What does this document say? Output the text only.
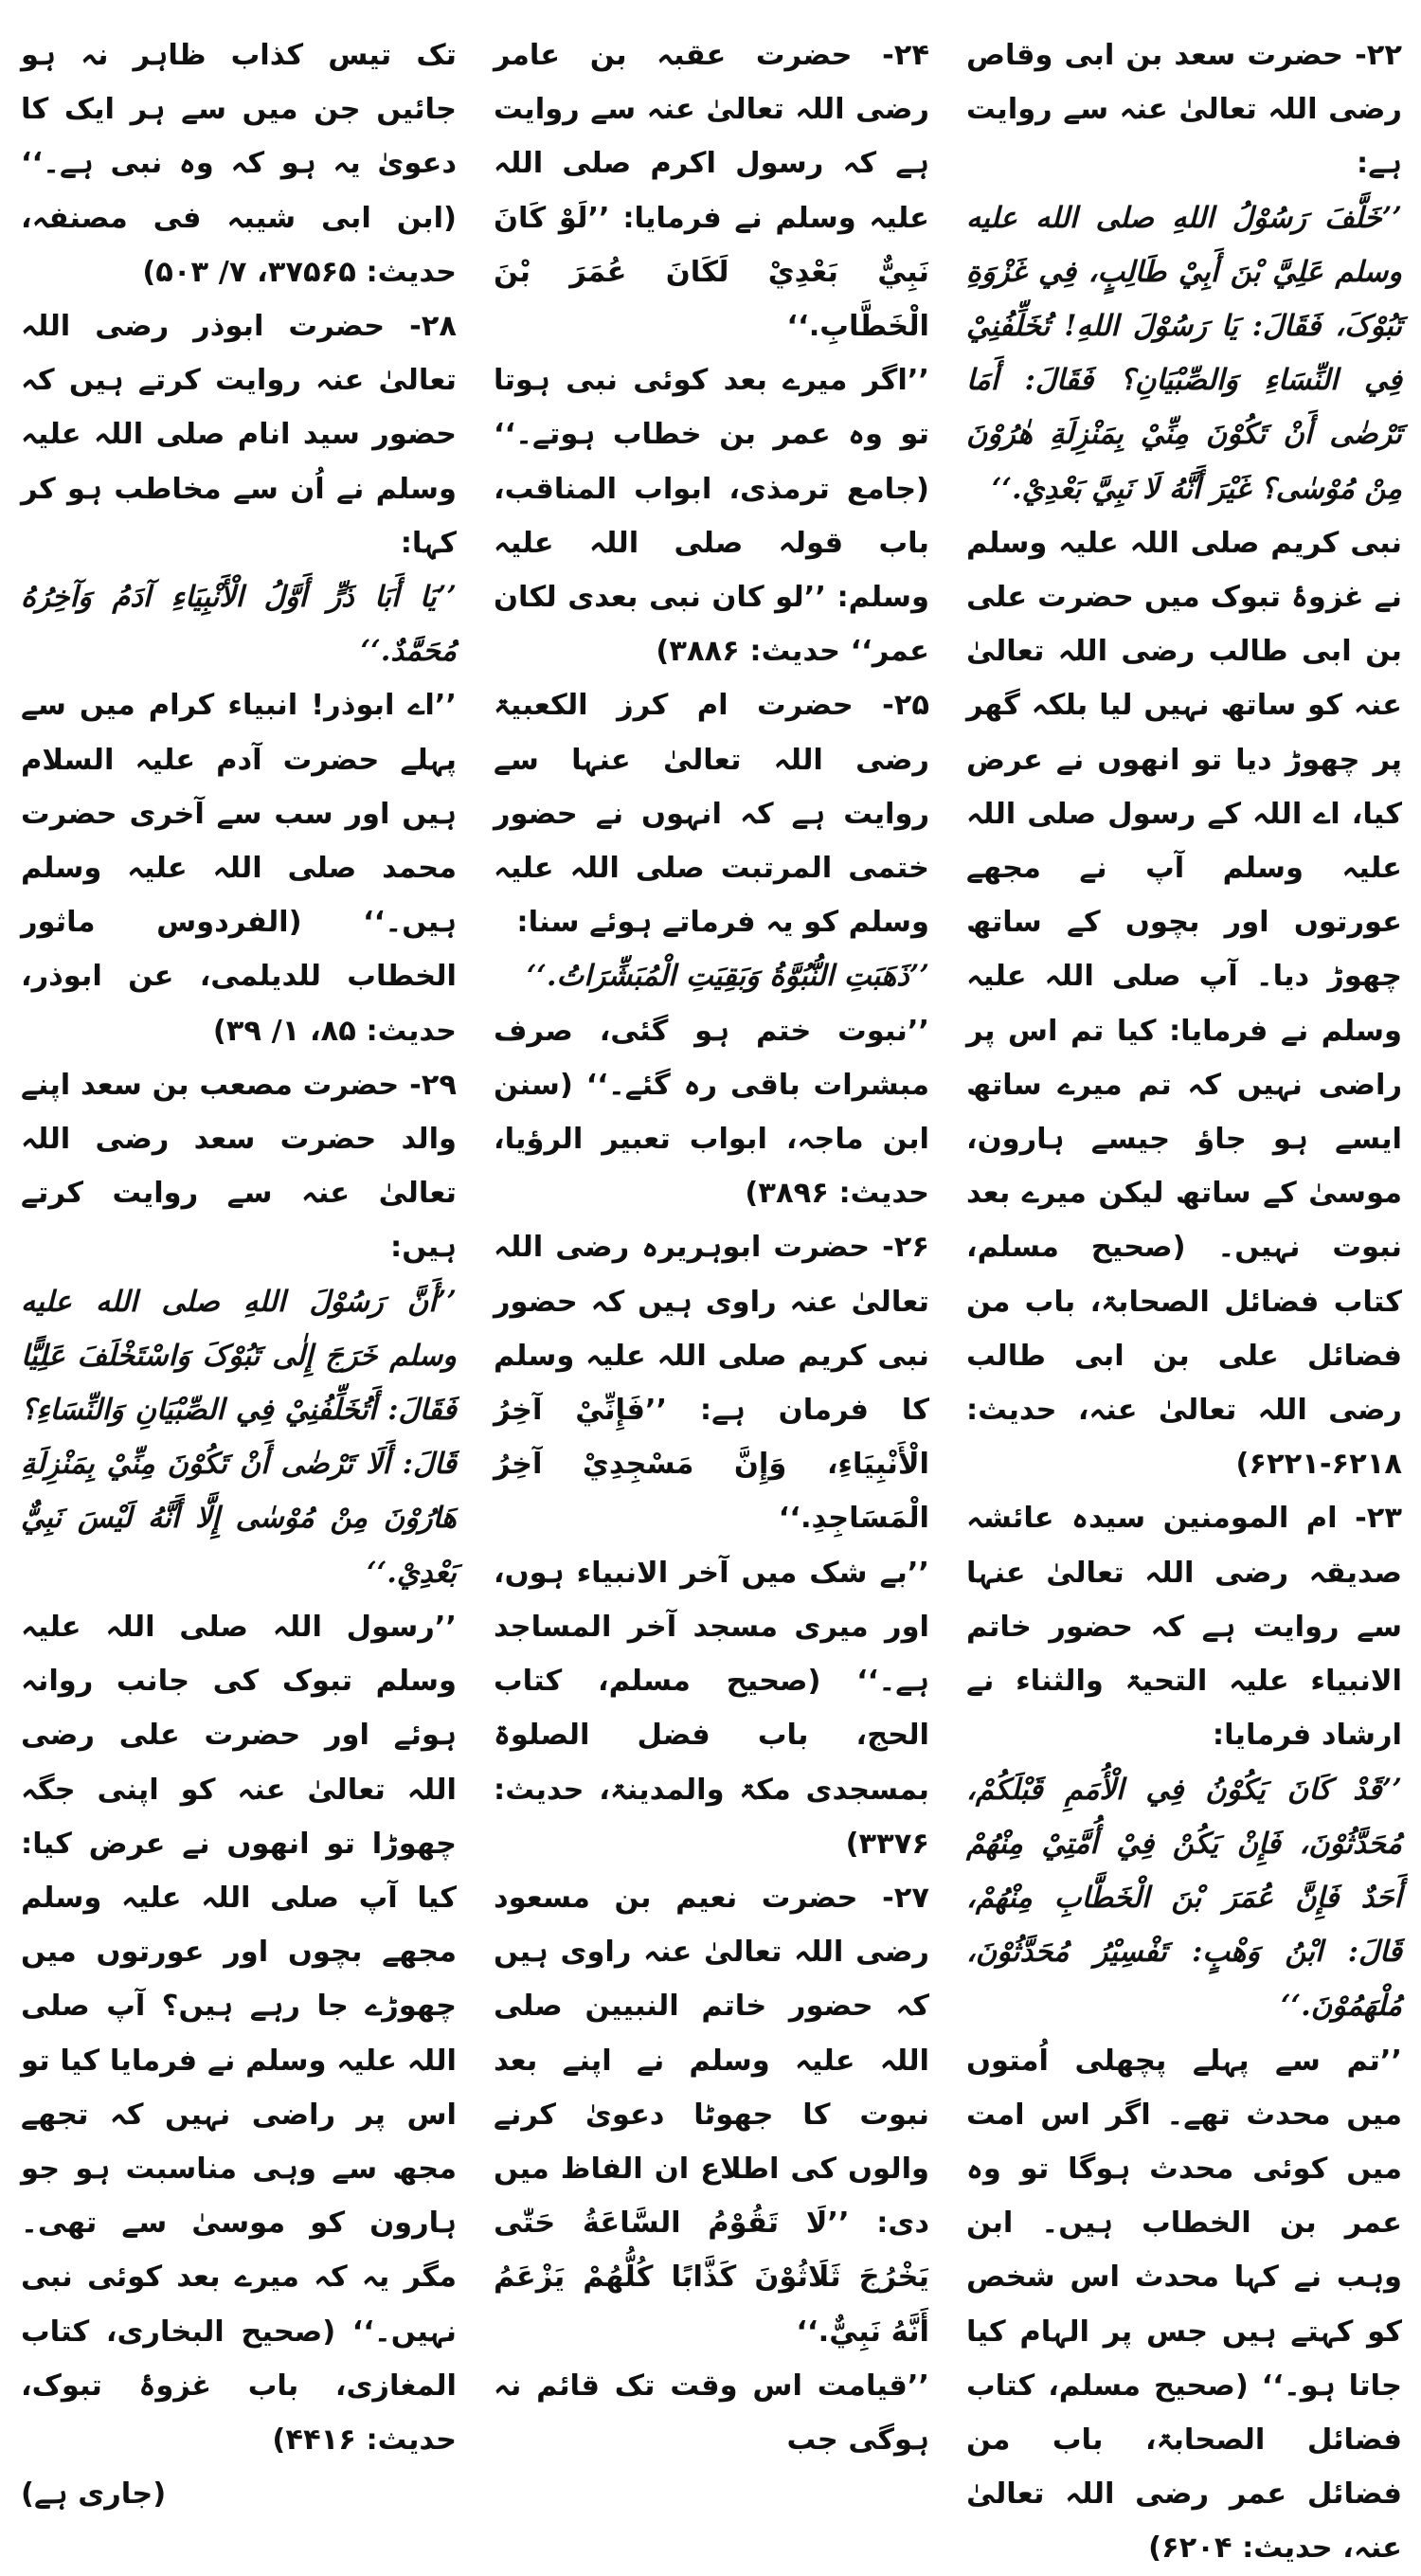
تک تیس کذاب ظاہر نہ ہو جائیں جن میں سے ہر ایک کا دعویٰ یہ ہو کہ وہ نبی ہے۔‘‘ (ابن ابی شیبہ فی مصنفہ، حدیث: ۳۷۵۶۵، ۷/ ۵۰۳)

۲۸- حضرت ابوذر رضی اللہ تعالیٰ عنہ روایت کرتے ہیں کہ حضور سید انام صلی اللہ علیہ وسلم نے اُن سے مخاطب ہو کر کہا:

’’یَا أَبَا ذَرٍّ أَوَّلُ الْأَنْبِیَاءِ آدَمُ وَآخِرُهُ مُحَمَّدٌ.‘‘

’’اے ابوذر! انبیاء کرام میں سے پہلے حضرت آدم علیہ السلام ہیں اور سب سے آخری حضرت محمد صلی اللہ علیہ وسلم ہیں۔‘‘ (الفردوس ماثور الخطاب للدیلمی، عن ابوذر، حدیث: ۸۵، ۱/ ۳۹)

۲۹- حضرت مصعب بن سعد اپنے والد حضرت سعد رضی اللہ تعالیٰ عنہ سے روایت کرتے ہیں:

’’أَنَّ رَسُوْلَ اللهِ صلی الله علیه وسلم خَرَجَ إِلٰی تَبُوْکَ وَاسْتَخْلَفَ عَلِیًّا فَقَالَ: أَتُخَلِّفُنِيْ فِي الصِّبْیَانِ وَالنِّسَاءِ؟ قَالَ: أَلَا تَرْضٰی أَنْ تَکُوْنَ مِنِّيْ بِمَنْزِلَةِ هَارُوْنَ مِنْ مُوْسٰی إِلَّا أَنَّهُ لَیْسَ نَبِيٌّ بَعْدِيْ.‘‘

’’رسول اللہ صلی اللہ علیہ وسلم تبوک کی جانب روانہ ہوئے اور حضرت علی رضی اللہ تعالیٰ عنہ کو اپنی جگہ چھوڑا تو انھوں نے عرض کیا: کیا آپ صلی اللہ علیہ وسلم مجھے بچوں اور عورتوں میں چھوڑے جا رہے ہیں؟ آپ صلی اللہ علیہ وسلم نے فرمایا کیا تو اس پر راضی نہیں کہ تجھے مجھ سے وہی مناسبت ہو جو ہارون کو موسیٰ سے تھی۔ مگر یہ کہ میرے بعد کوئی نبی نہیں۔‘‘ (صحیح البخاری، کتاب المغازی، باب غزوۂ تبوک، حدیث: ۴۴۱۶)

(جاری ہے)

۲۴- حضرت عقبہ بن عامر رضی اللہ تعالیٰ عنہ سے روایت ہے کہ رسول اکرم صلی اللہ علیہ وسلم نے فرمایا: ’’لَوْ کَانَ نَبِيٌّ بَعْدِيْ لَکَانَ عُمَرَ بْنَ الْخَطَّابِ.‘‘

’’اگر میرے بعد کوئی نبی ہوتا تو وہ عمر بن خطاب ہوتے۔‘‘ (جامع ترمذی، ابواب المناقب، باب قولہ صلی اللہ علیہ وسلم: ’’لو کان نبی بعدی لکان عمر‘‘ حدیث: ۳۸۸۶)

۲۵- حضرت ام کرز الکعبیۃ رضی اللہ تعالیٰ عنہا سے روایت ہے کہ انہوں نے حضور ختمی المرتبت صلی اللہ علیہ وسلم کو یہ فرماتے ہوئے سنا:

’’ذَهَبَتِ النُّبُوَّةُ وَبَقِیَتِ الْمُبَشِّرَاتُ.‘‘

’’نبوت ختم ہو گئی، صرف مبشرات باقی رہ گئے۔‘‘ (سنن ابن ماجہ، ابواب تعبیر الرؤیا، حدیث: ۳۸۹۶)

۲۶- حضرت ابوہریرہ رضی اللہ تعالیٰ عنہ راوی ہیں کہ حضور نبی کریم صلی اللہ علیہ وسلم کا فرمان ہے: ’’فَإِنِّيْ آخِرُ الْأَنْبِیَاءِ، وَإِنَّ مَسْجِدِيْ آخِرُ الْمَسَاجِدِ.‘‘

’’بے شک میں آخر الانبیاء ہوں، اور میری مسجد آخر المساجد ہے۔‘‘ (صحیح مسلم، کتاب الحج، باب فضل الصلوۃ بمسجدی مکۃ والمدینۃ، حدیث: ۳۳۷۶)

۲۷- حضرت نعیم بن مسعود رضی اللہ تعالیٰ عنہ راوی ہیں کہ حضور خاتم النبیین صلی اللہ علیہ وسلم نے اپنے بعد نبوت کا جھوٹا دعویٰ کرنے والوں کی اطلاع ان الفاظ میں دی: ’’لَا تَقُوْمُ السَّاعَةُ حَتّٰی یَخْرُجَ ثَلَاثُوْنَ کَذَّابًا کُلُّهُمْ یَزْعَمُ أَنَّهُ نَبِيٌّ.‘‘

’’قیامت اس وقت تک قائم نہ ہوگی جب

۲۲- حضرت سعد بن ابی وقاص رضی اللہ تعالیٰ عنہ سے روایت ہے:

’’خَلَّفَ رَسُوْلُ اللهِ صلی الله علیه وسلم عَلِيَّ بْنَ أَبِيْ طَالِبٍ، فِي غَزْوَةِ تَبُوْکَ، فَقَالَ: یَا رَسُوْلَ اللهِ! تُخَلِّفُنِيْ فِي النِّسَاءِ وَالصِّبْیَانِ؟ فَقَالَ: أَمَا تَرْضٰی أَنْ تَکُوْنَ مِنِّيْ بِمَنْزِلَةِ هٰرُوْنَ مِنْ مُوْسٰی؟ غَيْرَ أَنَّهُ لَا نَبِيَّ بَعْدِيْ.‘‘

نبی کریم صلی اللہ علیہ وسلم نے غزوۂ تبوک میں حضرت علی بن ابی طالب رضی اللہ تعالیٰ عنہ کو ساتھ نہیں لیا بلکہ گھر پر چھوڑ دیا تو انھوں نے عرض کیا، اے اللہ کے رسول صلی اللہ علیہ وسلم آپ نے مجھے عورتوں اور بچوں کے ساتھ چھوڑ دیا۔ آپ صلی اللہ علیہ وسلم نے فرمایا: کیا تم اس پر راضی نہیں کہ تم میرے ساتھ ایسے ہو جاؤ جیسے ہارون، موسیٰ کے ساتھ لیکن میرے بعد نبوت نہیں۔ (صحیح مسلم، کتاب فضائل الصحابۃ، باب من فضائل علی بن ابی طالب رضی اللہ تعالیٰ عنہ، حدیث: ۶۲۱۸-۶۲۲۱)

۲۳- ام المومنین سیدہ عائشہ صدیقہ رضی اللہ تعالیٰ عنہا سے روایت ہے کہ حضور خاتم الانبیاء علیہ التحیۃ والثناء نے ارشاد فرمایا:

’’قَدْ کَانَ یَکُوْنُ فِي الْأُمَمِ قَبْلَکُمْ، مُحَدَّثُوْنَ، فَإِنْ یَکُنْ فِيْ أُمَّتِيْ مِنْهُمْ أَحَدٌ فَإِنَّ عُمَرَ بْنَ الْخَطَّابِ مِنْهُمْ، قَالَ: ابْنُ وَهْبٍ: تَفْسِیْرُ مُحَدَّثُوْنَ، مُلْهَمُوْنَ.‘‘

’’تم سے پہلے پچھلی اُمتوں میں محدث تھے۔ اگر اس امت میں کوئی محدث ہوگا تو وہ عمر بن الخطاب ہیں۔ ابن وہب نے کہا محدث اس شخص کو کہتے ہیں جس پر الہام کیا جاتا ہو۔‘‘ (صحیح مسلم، کتاب فضائل الصحابۃ، باب من فضائل عمر رضی اللہ تعالیٰ عنہ، حدیث: ۶۲۰۴)
